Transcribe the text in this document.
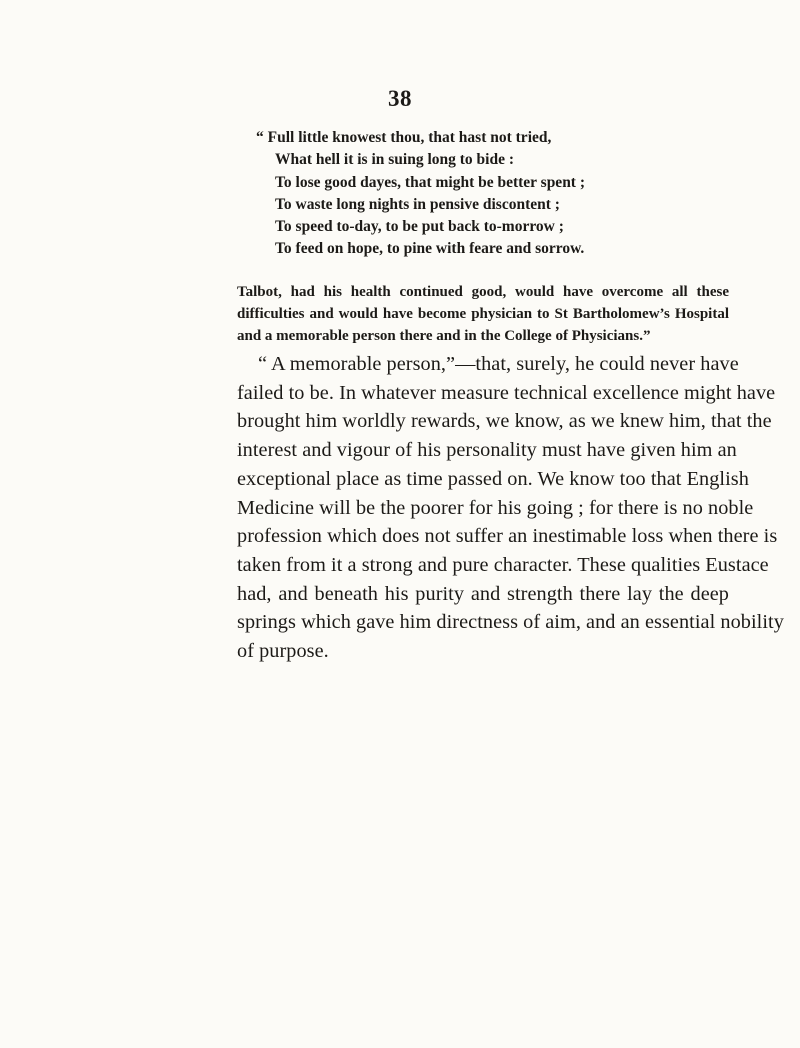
38
“ Full little knowest thou, that hast not tried,
What hell it is in suing long to bide :
To lose good dayes, that might be better spent ;
To waste long nights in pensive discontent ;
To speed to-day, to be put back to-morrow ;
To feed on hope, to pine with feare and sorrow.
Talbot, had his health continued good, would have overcome all these
difficulties and would have become physician to St Bartholomew’s Hospital
and a memorable person there and in the College of Physicians.”
“ A memorable person,”—that, surely, he could never have
failed to be. In whatever measure technical excellence might have
brought him worldly rewards, we know, as we knew him, that the
interest and vigour of his personality must have given him an
exceptional place as time passed on. We know too that English
Medicine will be the poorer for his going ; for there is no noble
profession which does not suffer an inestimable loss when there is
taken from it a strong and pure character. These qualities Eustace
had, and beneath his purity and strength there lay the deep
springs which gave him directness of aim, and an essential nobility
of purpose.
